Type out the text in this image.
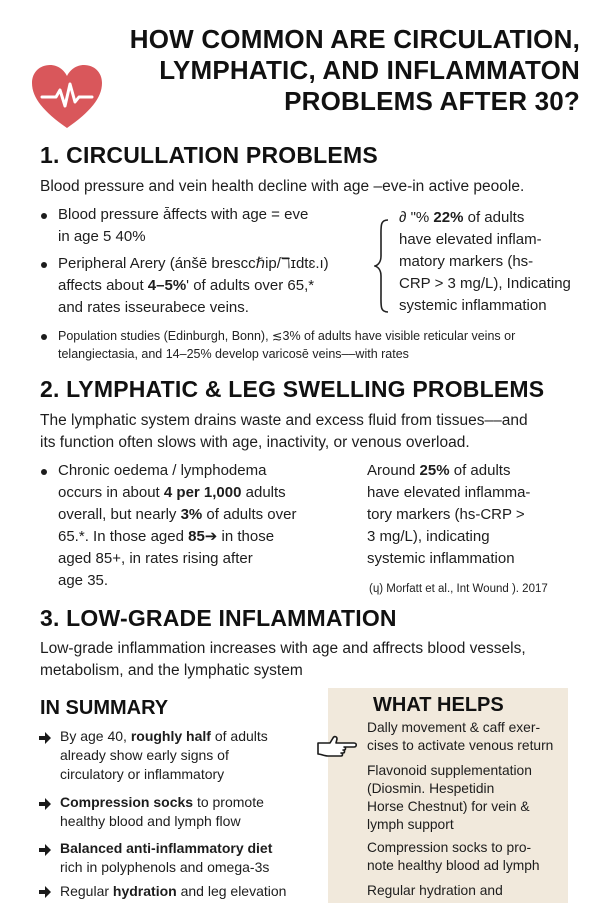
HOW COMMON ARE CIRCULATION,
LYMPHATIC, AND INFLAMMATON
PROBLEMS AFTER 30?
1. CIRCULLATION PROBLEMS
Blood pressure and vein health decline with age –eve-in active peoole.
Blood pressure ǡffects with age = eve
in age 5 40%
Peripheral Arery (ánšē bresccℏip/ℸɪdtɛ.ı)
affects about 4–5%' of adults over 65,*
and rates isseurabece veins.
∂ "% 22% of adults
have elevated inflam-
matory markers (hs-
CRP > 3 mg/L), Indicating
systemic inflammation
Population studies (Edinburgh, Bonn), ≲3% of adults have visible reticular veins or
telangiectasia, and 14–25% develop varicosē veins––with rates
2. LYMPHATIC & LEG SWELLING PROBLEMS
The lymphatic system drains waste and excess fluid from tissues––and
its function often slows with age, inactivity, or venous overload.
Chronic oedema / lymphodema
occurs in about 4 per 1,000 adults
overall, but nearly 3% of adults over
65.*. In those aged 85➔ in those
aged 85+, in rates rising after
age 35.
Around 25% of adults
have elevated inflamma-
tory markers (hs-CRP >
3 mg/L), indicating
systemic inflammation
(ɥ) Morfatt et al., Int Wound ). 2017
3. LOW-GRADE INFLAMMATION
Low-grade inflammation increases with age and affrects blood vessels,
metabolism, and the lymphatic system
IN SUMMARY
By age 40, roughly half of adults
already show early signs of
circulatory or inflammatory
Compression socks to promote
healthy blood and lymph flow
Balanced anti-inflammatory diet
rich in polyphenols and omega-3s
Regular hydration and leg elevation
WHAT HELPS
Dally movement & caff exer-
cises to activate venous return
Flavonoid supplementation
(Diosmin. Hespetidin
Horse Chestnut) for vein &
lymph support
Compression socks to pro-
note healthy blood ad lymph
Regular hydration and
